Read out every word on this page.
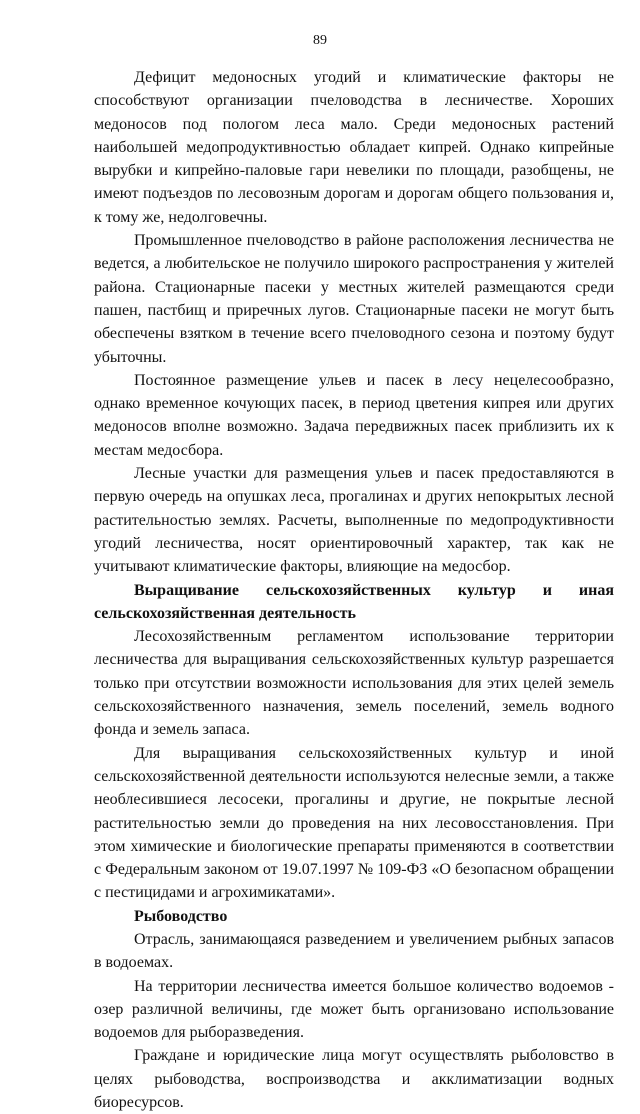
89

Дефицит медоносных угодий и климатические факторы не способствуют организации пчеловодства в лесничестве. Хороших медоносов под пологом леса мало. Среди медоносных растений наибольшей медопродуктивностью обладает кипрей. Однако кипрейные вырубки и кипрейно-паловые гари невелики по площади, разобщены, не имеют подъездов по лесовозным дорогам и дорогам общего пользования и, к тому же, недолговечны.

Промышленное пчеловодство в районе расположения лесничества не ведется, а любительское не получило широкого распространения у жителей района. Стационарные пасеки у местных жителей размещаются среди пашен, пастбищ и приречных лугов. Стационарные пасеки не могут быть обеспечены взятком в течение всего пчеловодного сезона и поэтому будут убыточны.

Постоянное размещение ульев и пасек в лесу нецелесообразно, однако временное кочующих пасек, в период цветения кипрея или других медоносов вполне возможно. Задача передвижных пасек приблизить их к местам медосбора.

Лесные участки для размещения ульев и пасек предоставляются в первую очередь на опушках леса, прогалинах и других непокрытых лесной растительностью землях. Расчеты, выполненные по медопродуктивности угодий лесничества, носят ориентировочный характер, так как не учитывают климатические факторы, влияющие на медосбор.

Выращивание сельскохозяйственных культур и иная сельскохозяйственная деятельность

Лесохозяйственным регламентом использование территории лесничества для выращивания сельскохозяйственных культур разрешается только при отсутствии возможности использования для этих целей земель сельскохозяйственного назначения, земель поселений, земель водного фонда и земель запаса.

Для выращивания сельскохозяйственных культур и иной сельскохозяйственной деятельности используются нелесные земли, а также необлесившиеся лесосеки, прогалины и другие, не покрытые лесной растительностью земли до проведения на них лесовосстановления. При этом химические и биологические препараты применяются в соответствии с Федеральным законом от 19.07.1997 № 109-ФЗ «О безопасном обращении с пестицидами и агрохимикатами».

Рыбоводство

Отрасль, занимающаяся разведением и увеличением рыбных запасов в водоемах.

На территории лесничества имеется большое количество водоемов - озер различной величины, где может быть организовано использование водоемов для рыборазведения.

Граждане и юридические лица могут осуществлять рыболовство в целях рыбоводства, воспроизводства и акклиматизации водных биоресурсов.
